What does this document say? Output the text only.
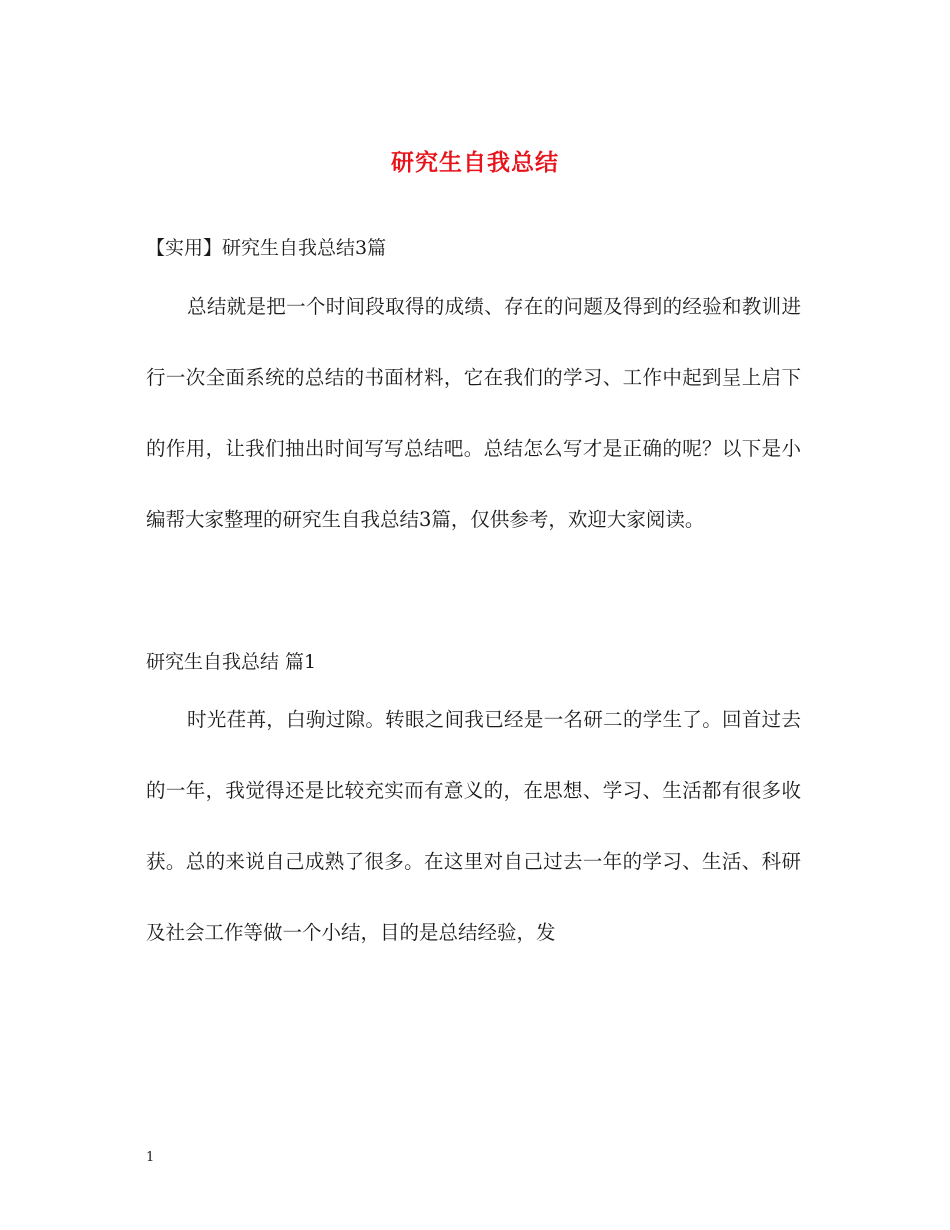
研究生自我总结
【实用】研究生自我总结3篇
总结就是把一个时间段取得的成绩、存在的问题及得到的经验和教训进行一次全面系统的总结的书面材料，它在我们的学习、工作中起到呈上启下的作用，让我们抽出时间写写总结吧。总结怎么写才是正确的呢？以下是小编帮大家整理的研究生自我总结3篇，仅供参考，欢迎大家阅读。
研究生自我总结 篇1
时光荏苒，白驹过隙。转眼之间我已经是一名研二的学生了。回首过去的一年，我觉得还是比较充实而有意义的，在思想、学习、生活都有很多收获。总的来说自己成熟了很多。在这里对自己过去一年的学习、生活、科研及社会工作等做一个小结，目的是总结经验，发
1
